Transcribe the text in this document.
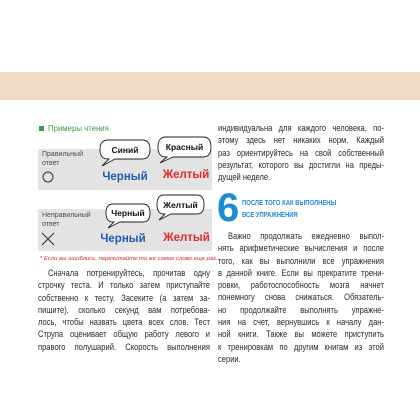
Примеры чтения
Правильный
ответ
Синий	Красный
Черный	Желтый
Неправильный
ответ
Черный
Желтый
Черный	Желтый
* Если вы ошиблись, перечитайте то же самое слово еще раз.
Сначала потренируйтесь, прочитав одну
строчку теста. И только затем приступайте
собственно к тесту. Засеките (а затем за-
пишите), сколько секунд вам потребова-
лось, чтобы назвать цвета всех слов. Тест
Струпа оценивает общую работу левого и
правого полушарий. Скорость выполнения
индивидуальна для каждого человека, по-
этому здесь нет никаких норм. Каждый
раз ориентируйтесь на свой собственный
результат, которого вы достигли на преды-
дущей неделе.
6 ПОСЛЕ ТОГО КАК ВЫПОЛНЕНЫ
ВСЕ УПРАЖНЕНИЯ
Важно продолжать ежедневно выпол-
нять арифметические вычисления и после
того, как вы выполнили все упражнения
в данной книге. Если вы прекратите трени-
ровки, работоспособность мозга начнет
понемногу снова снижаться. Обязатель-
но продолжайте выполнять упражне-
ния на счет, вернувшись к началу дан-
ной книги. Также вы можете приступить
к тренировкам по другим книгам из этой
серии.
